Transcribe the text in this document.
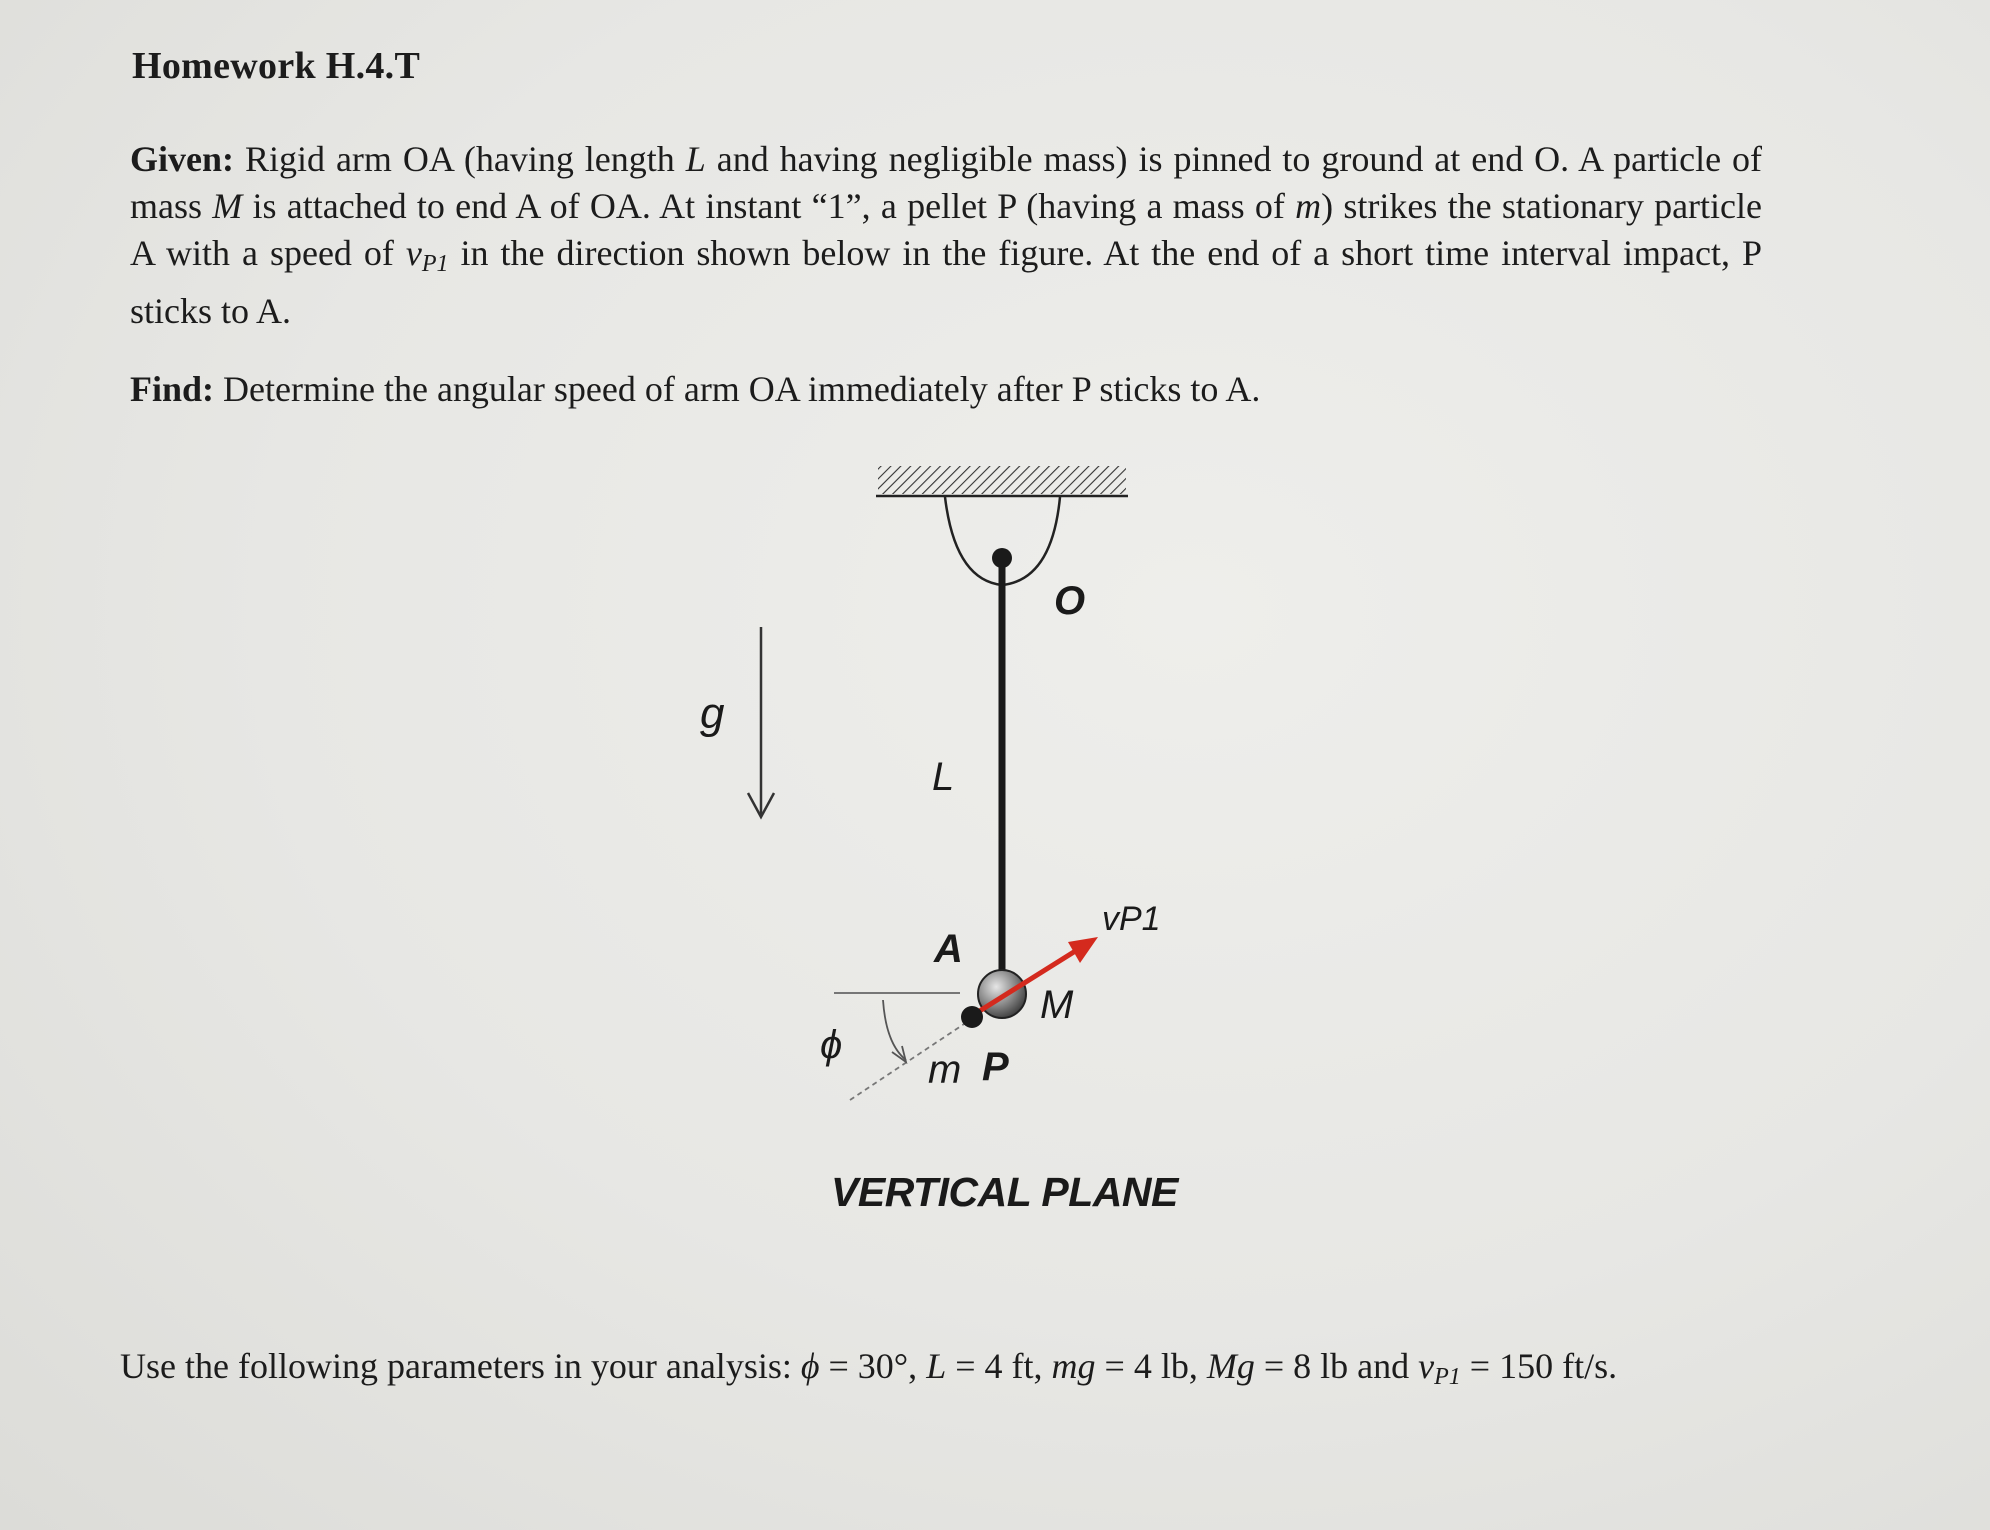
Homework H.4.T
Given: Rigid arm OA (having length L and having negligible mass) is pinned to ground at end O. A particle of mass M is attached to end A of OA. At instant “1”, a pellet P (having a mass of m) strikes the stationary particle A with a speed of $v_{P1}$ in the direction shown below in the figure. At the end of a short time interval impact, P sticks to A.
Find: Determine the angular speed of arm OA immediately after P sticks to A.
O
g
L
A
vP1
M
ϕ
m P
VERTICAL PLANE
Use the following parameters in your analysis: ϕ = 30°, L = 4 ft, mg = 4 lb, Mg = 8 lb and $v_{P1} = 150$ ft/s.
